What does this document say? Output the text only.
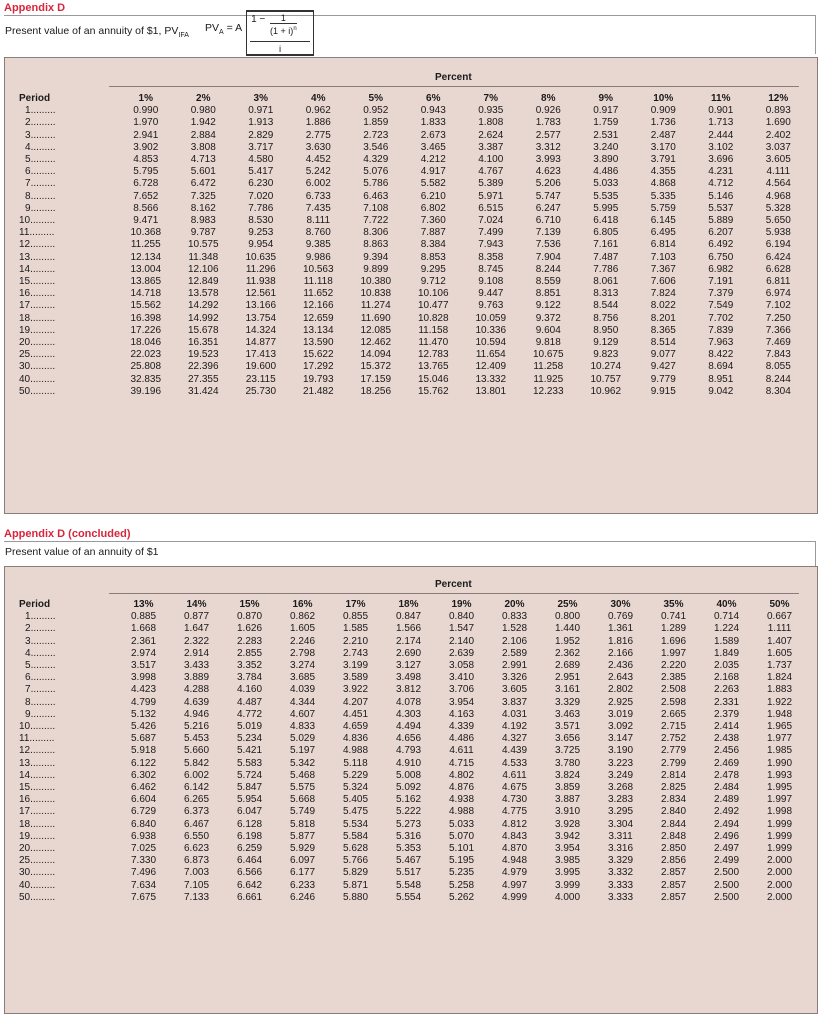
Appendix D
Present value of an annuity of $1, $PV_{IFA}$
$PV_A = A$
$1 - \frac{1}{(1 + i)^n}$
i
Percent
Period	1%	2%	3%	4%	5%	6%	7%	8%	9%	10%	11%	12%
1.........	0.990	0.980	0.971	0.962	0.952	0.943	0.935	0.926	0.917	0.909	0.901	0.893
2.........	1.970	1.942	1.913	1.886	1.859	1.833	1.808	1.783	1.759	1.736	1.713	1.690
3.........	2.941	2.884	2.829	2.775	2.723	2.673	2.624	2.577	2.531	2.487	2.444	2.402
4.........	3.902	3.808	3.717	3.630	3.546	3.465	3.387	3.312	3.240	3.170	3.102	3.037
5.........	4.853	4.713	4.580	4.452	4.329	4.212	4.100	3.993	3.890	3.791	3.696	3.605
6.........	5.795	5.601	5.417	5.242	5.076	4.917	4.767	4.623	4.486	4.355	4.231	4.111
7.........	6.728	6.472	6.230	6.002	5.786	5.582	5.389	5.206	5.033	4.868	4.712	4.564
8.........	7.652	7.325	7.020	6.733	6.463	6.210	5.971	5.747	5.535	5.335	5.146	4.968
9.........	8.566	8.162	7.786	7.435	7.108	6.802	6.515	6.247	5.995	5.759	5.537	5.328
10.........	9.471	8.983	8.530	8.111	7.722	7.360	7.024	6.710	6.418	6.145	5.889	5.650
11.........	10.368	9.787	9.253	8.760	8.306	7.887	7.499	7.139	6.805	6.495	6.207	5.938
12.........	11.255	10.575	9.954	9.385	8.863	8.384	7.943	7.536	7.161	6.814	6.492	6.194
13.........	12.134	11.348	10.635	9.986	9.394	8.853	8.358	7.904	7.487	7.103	6.750	6.424
14.........	13.004	12.106	11.296	10.563	9.899	9.295	8.745	8.244	7.786	7.367	6.982	6.628
15.........	13.865	12.849	11.938	11.118	10.380	9.712	9.108	8.559	8.061	7.606	7.191	6.811
16.........	14.718	13.578	12.561	11.652	10.838	10.106	9.447	8.851	8.313	7.824	7.379	6.974
17.........	15.562	14.292	13.166	12.166	11.274	10.477	9.763	9.122	8.544	8.022	7.549	7.102
18.........	16.398	14.992	13.754	12.659	11.690	10.828	10.059	9.372	8.756	8.201	7.702	7.250
19.........	17.226	15.678	14.324	13.134	12.085	11.158	10.336	9.604	8.950	8.365	7.839	7.366
20.........	18.046	16.351	14.877	13.590	12.462	11.470	10.594	9.818	9.129	8.514	7.963	7.469
25.........	22.023	19.523	17.413	15.622	14.094	12.783	11.654	10.675	9.823	9.077	8.422	7.843
30.........	25.808	22.396	19.600	17.292	15.372	13.765	12.409	11.258	10.274	9.427	8.694	8.055
40.........	32.835	27.355	23.115	19.793	17.159	15.046	13.332	11.925	10.757	9.779	8.951	8.244
50.........	39.196	31.424	25.730	21.482	18.256	15.762	13.801	12.233	10.962	9.915	9.042	8.304
Appendix D (concluded)
Present value of an annuity of $1
Percent
Period	13%	14%	15%	16%	17%	18%	19%	20%	25%	30%	35%	40%	50%
1.........	0.885	0.877	0.870	0.862	0.855	0.847	0.840	0.833	0.800	0.769	0.741	0.714	0.667
2.........	1.668	1.647	1.626	1.605	1.585	1.566	1.547	1.528	1.440	1.361	1.289	1.224	1.111
3.........	2.361	2.322	2.283	2.246	2.210	2.174	2.140	2.106	1.952	1.816	1.696	1.589	1.407
4.........	2.974	2.914	2.855	2.798	2.743	2.690	2.639	2.589	2.362	2.166	1.997	1.849	1.605
5.........	3.517	3.433	3.352	3.274	3.199	3.127	3.058	2.991	2.689	2.436	2.220	2.035	1.737
6.........	3.998	3.889	3.784	3.685	3.589	3.498	3.410	3.326	2.951	2.643	2.385	2.168	1.824
7.........	4.423	4.288	4.160	4.039	3.922	3.812	3.706	3.605	3.161	2.802	2.508	2.263	1.883
8.........	4.799	4.639	4.487	4.344	4.207	4.078	3.954	3.837	3.329	2.925	2.598	2.331	1.922
9.........	5.132	4.946	4.772	4.607	4.451	4.303	4.163	4.031	3.463	3.019	2.665	2.379	1.948
10.........	5.426	5.216	5.019	4.833	4.659	4.494	4.339	4.192	3.571	3.092	2.715	2.414	1.965
11.........	5.687	5.453	5.234	5.029	4.836	4.656	4.486	4.327	3.656	3.147	2.752	2.438	1.977
12.........	5.918	5.660	5.421	5.197	4.988	4.793	4.611	4.439	3.725	3.190	2.779	2.456	1.985
13.........	6.122	5.842	5.583	5.342	5.118	4.910	4.715	4.533	3.780	3.223	2.799	2.469	1.990
14.........	6.302	6.002	5.724	5.468	5.229	5.008	4.802	4.611	3.824	3.249	2.814	2.478	1.993
15.........	6.462	6.142	5.847	5.575	5.324	5.092	4.876	4.675	3.859	3.268	2.825	2.484	1.995
16.........	6.604	6.265	5.954	5.668	5.405	5.162	4.938	4.730	3.887	3.283	2.834	2.489	1.997
17.........	6.729	6.373	6.047	5.749	5.475	5.222	4.988	4.775	3.910	3.295	2.840	2.492	1.998
18.........	6.840	6.467	6.128	5.818	5.534	5.273	5.033	4.812	3.928	3.304	2.844	2.494	1.999
19.........	6.938	6.550	6.198	5.877	5.584	5.316	5.070	4.843	3.942	3.311	2.848	2.496	1.999
20.........	7.025	6.623	6.259	5.929	5.628	5.353	5.101	4.870	3.954	3.316	2.850	2.497	1.999
25.........	7.330	6.873	6.464	6.097	5.766	5.467	5.195	4.948	3.985	3.329	2.856	2.499	2.000
30.........	7.496	7.003	6.566	6.177	5.829	5.517	5.235	4.979	3.995	3.332	2.857	2.500	2.000
40.........	7.634	7.105	6.642	6.233	5.871	5.548	5.258	4.997	3.999	3.333	2.857	2.500	2.000
50.........	7.675	7.133	6.661	6.246	5.880	5.554	5.262	4.999	4.000	3.333	2.857	2.500	2.000
